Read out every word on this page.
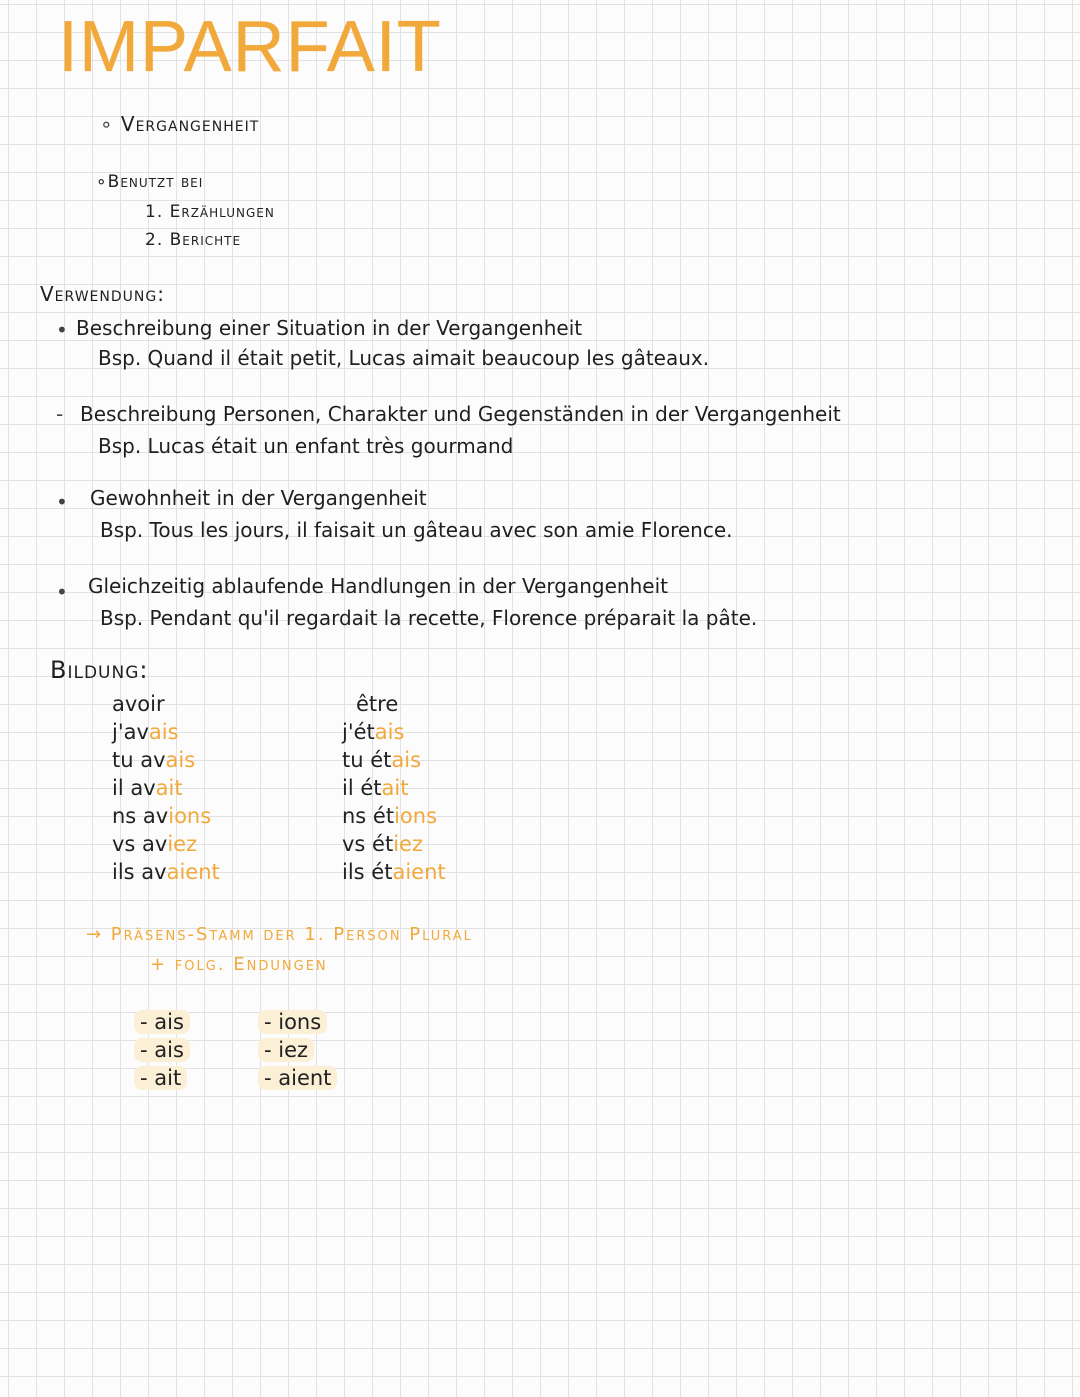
IMPARFAIT
∘ Vergangenheit
∘Benutzt bei
1. Erzählungen
2. Berichte
Verwendung:
• Beschreibung einer Situation in der Vergangenheit
Bsp. Quand il était petit, Lucas aimait beaucoup les gâteaux.
- Beschreibung Personen, Charakter und Gegenständen in der Vergangenheit
Bsp. Lucas était un enfant très gourmand
• Gewohnheit in der Vergangenheit
Bsp. Tous les jours, il faisait un gâteau avec son amie Florence.
• Gleichzeitig ablaufende Handlungen in der Vergangenheit
Bsp. Pendant qu'il regardait la recette, Florence préparait la pâte.
Bildung:
avoir
j'avais
tu avais
il avait
ns avions
vs aviez
ils avaient
être
j'étais
tu étais
il était
ns étions
vs étiez
ils étaient
→ Präsens-Stamm der 1. Person Plural
+ folg. Endungen
- ais
- ais
- ait
- ions
- iez
- aient
